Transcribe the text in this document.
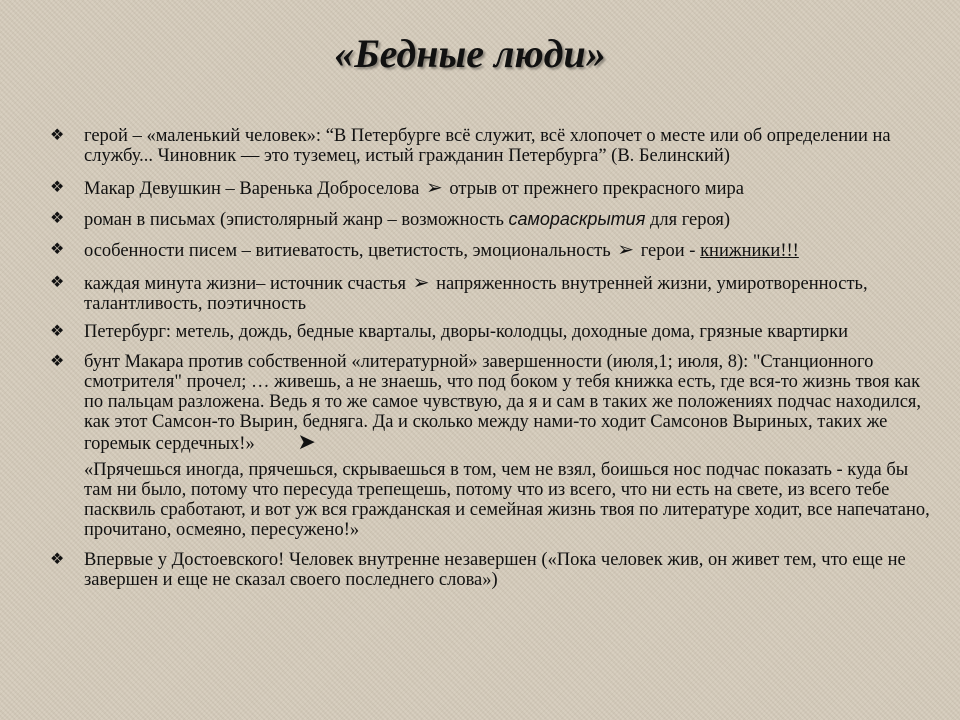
«Бедные люди»
❖ герой – «маленький человек»: “В Петербурге всё служит, всё хлопочет о месте или об определении на службу... Чиновник — это туземец, истый гражданин Петербурга” (В. Белинский)
❖ Макар Девушкин – Варенька Доброселова ➢ отрыв от прежнего прекрасного мира
❖ роман в письмах (эпистолярный жанр – возможность самораскрытия для героя)
❖ особенности писем – витиеватость, цветистость, эмоциональность ➢ герои - книжники!!!
❖ каждая минута жизни– источник счастья ➢ напряженность внутренней жизни, умиротворенность, талантливость, поэтичность
❖ Петербург: метель, дождь, бедные кварталы, дворы-колодцы, доходные дома, грязные квартирки
❖ бунт Макара против собственной «литературной» завершенности (июля,1; июля, 8): "Станционного смотрителя" прочел; … живешь, а не знаешь, что под боком у тебя книжка есть, где вся-то жизнь твоя как по пальцам разложена. Ведь я то же самое чувствую, да я и сам в таких же положениях подчас находился, как этот Самсон-то Вырин, бедняга. Да и сколько между нами-то ходит Самсонов Выриных, таких же горемык сердечных!» ➤
«Прячешься иногда, прячешься, скрываешься в том, чем не взял, боишься нос подчас показать - куда бы там ни было, потому что пересуда трепещешь, потому что из всего, что ни есть на свете, из всего тебе пасквиль сработают, и вот уж вся гражданская и семейная жизнь твоя по литературе ходит, все напечатано, прочитано, осмеяно, пересужено!»
❖ Впервые у Достоевского! Человек внутренне незавершен («Пока человек жив, он живет тем, что еще не завершен и еще не сказал своего последнего слова»)
